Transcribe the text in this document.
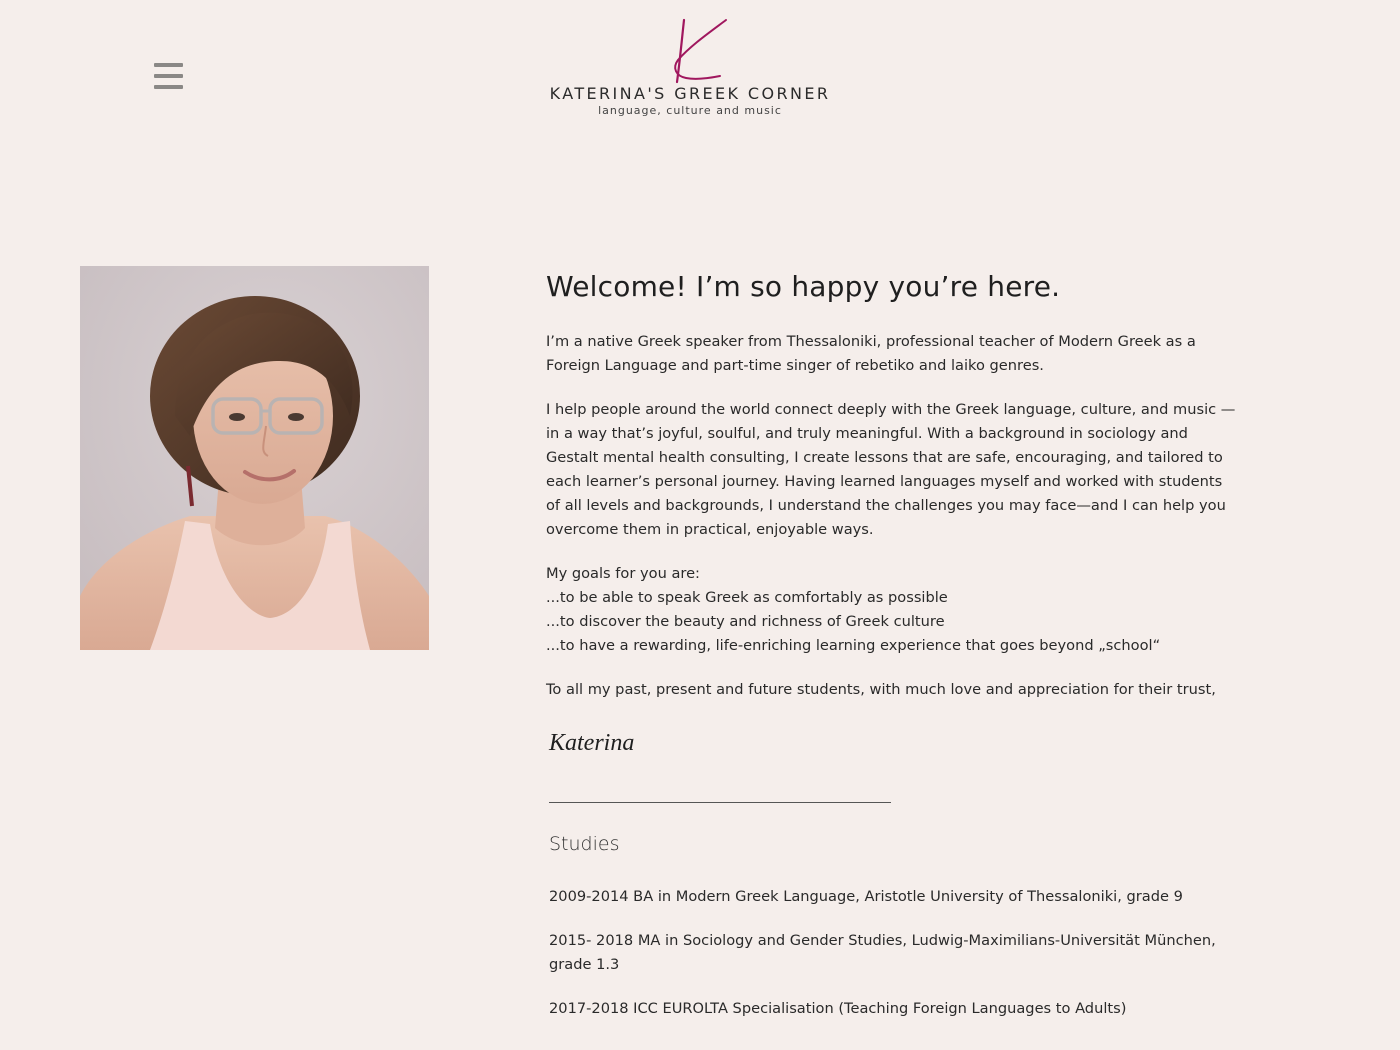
KATERINA'S GREEK CORNER
language, culture and music
Welcome! I’m so happy you’re here.

I’m a native Greek speaker from Thessaloniki, professional teacher of Modern Greek as a
Foreign Language and part-time singer of rebetiko and laiko genres.

I help people around the world connect deeply with the Greek language, culture, and music —
in a way that’s joyful, soulful, and truly meaningful. With a background in sociology and
Gestalt mental health consulting, I create lessons that are safe, encouraging, and tailored to
each learner’s personal journey. Having learned languages myself and worked with students
of all levels and backgrounds, I understand the challenges you may face—and I can help you
overcome them in practical, enjoyable ways.

My goals for you are:
...to be able to speak Greek as comfortably as possible
...to discover the beauty and richness of Greek culture
...to have a rewarding, life-enriching learning experience that goes beyond „school“

To all my past, present and future students, with much love and appreciation for their trust,

Katerina
Studies

2009-2014 BA in Modern Greek Language, Aristotle University of Thessaloniki, grade 9

2015- 2018 MA in Sociology and Gender Studies, Ludwig-Maximilians-Universität München,
grade 1.3

2017-2018 ICC EUROLTA Specialisation (Teaching Foreign Languages to Adults)
